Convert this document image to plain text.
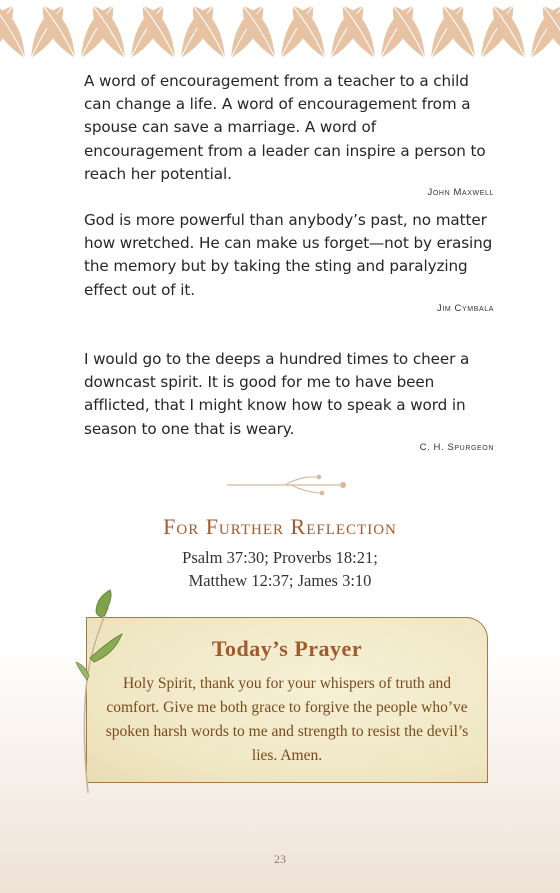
A word of encouragement from a teacher to a child can change a life. A word of encouragement from a spouse can save a marriage. A word of encouragement from a leader can inspire a person to reach her potential.

John Maxwell

God is more powerful than anybody’s past, no matter how wretched. He can make us forget—not by erasing the memory but by taking the sting and paralyzing effect out of it.

Jim Cymbala

I would go to the deeps a hundred times to cheer a downcast spirit. It is good for me to have been afflicted, that I might know how to speak a word in season to one that is weary.

C. H. Spurgeon
For Further Reflection
Psalm 37:30; Proverbs 18:21;
Matthew 12:37; James 3:10
Today’s Prayer

Holy Spirit, thank you for your whispers of truth and comfort. Give me both grace to forgive the people who’ve spoken harsh words to me and strength to resist the devil’s lies. Amen.

23
